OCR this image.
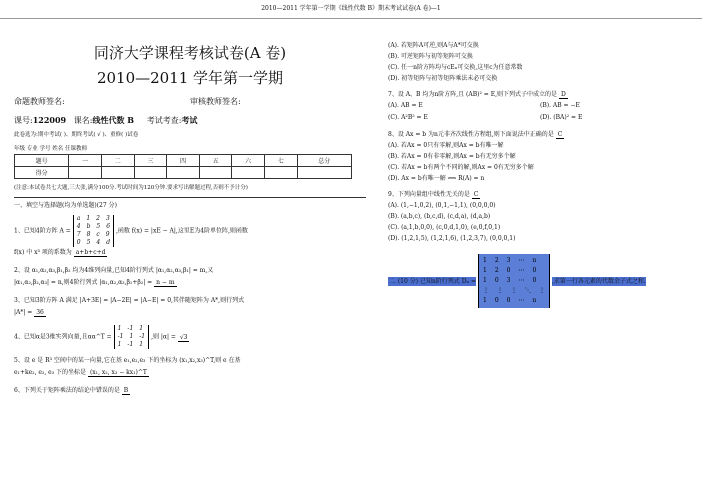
2010—2011 学年第一学期《线性代数 B》期末考试试卷(A 卷)—1
同济大学课程考核试卷(A 卷)
2010—2011 学年第一学期
命题教师签名:	审核教师签名:
课号:122009 课名:线性代数 B 考试考查:考试
此卷选为:期中考试( )、期终考试( √ )、重修( )试卷
年级 专业 学号 姓名 任课教师
题号	一	二	三	四	五	六	七	总分
得分								
(注意:本试卷共七大题,三大张,满分100分.考试时间为120分钟.要求写出解题过程,否则不予计分)
一、填空与选择题(均为单选题)(27 分)
1、已知4阶方阵 A =
a 1 2 3
4 b 5 6
7 8 c 9
0 5 4 d
,函数 f(x) = |xE − A|,这里E为4阶单位阵,则函数
f(x) 中 x³ 项的系数为 a+b+c+d
2、设 α₁,α₂,α₃,β₁,β₂ 均为4维列向量,已知4阶行列式 |α₁,α₂,α₃,β₁| = m,又
|α₁,α₂,β₂,α₃| = n,则4阶行列式 |α₁,α₂,α₃,β₁+β₂| = n − m
3、已知3阶方阵 A 满足 |A+3E| = |A−2E| = |A−E| = 0,其伴随矩阵为 A*,则行列式
|A*| = 36
4、已知α是3维实列向量,且αα^T =
1 -1 1
-1 1 -1
1 -1 1
,则 |α| = √3
5、设 e 是 R³ 空间中的某一向量,它在基 e₁,e₂,e₃ 下的坐标为 (x₁,x₂,x₃)^T,则 e 在基
e₁+ke₂, e₂, e₃ 下的坐标是 (x₁, x₂, x₃ − kx₁)^T
6、下列关于矩阵乘法的结论中错误的是 B
(A). 若矩阵A可逆,则A与A*可交换
(B). 可逆矩阵与初等矩阵可交换
(C). 任一n阶方阵均与cEₙ可交换,这里c为任意常数
(D). 初等矩阵与初等矩阵乘法未必可交换
7、设 A、B 均为n阶方阵,且 (AB)² = E,则下列式子中成立的是 D
(A). AB = E	(B). AB = −E
(C). A²B² = E	(D). (BA)² = E
8、设 Ax = b 为n元非齐次线性方程组,则下面说法中正确的是 C
(A). 若Ax = 0只有零解,则Ax = b有唯一解
(B). 若Ax = 0有非零解,则Ax = b有无穷多个解
(C). 若Ax = b有两个不同的解,则Ax = 0有无穷多个解
(D). Ax = b有唯一解 ⟺ R(A) = n
9、下列向量组中线性无关的是 C
(A). (1,−1,0,2), (0,1,−1,1), (0,0,0,0)
(B). (a,b,c), (b,c,d), (c,d,a), (d,a,b)
(C). (a,1,b,0,0), (c,0,d,1,0), (e,0,f,0,1)
(D). (1,2,1,5), (1,2,1,6), (1,2,3,7), (0,0,0,1)
二. (10 分) 已知n阶行列式 Dₙ =
1 2 3 ⋯ n
1 2 0 ⋯ 0
1 0 3 ⋯ 0
⋮ ⋮ ⋮ ⋱ ⋮
1 0 0 ⋯ n
,求第一行各元素的代数余子式之和.
